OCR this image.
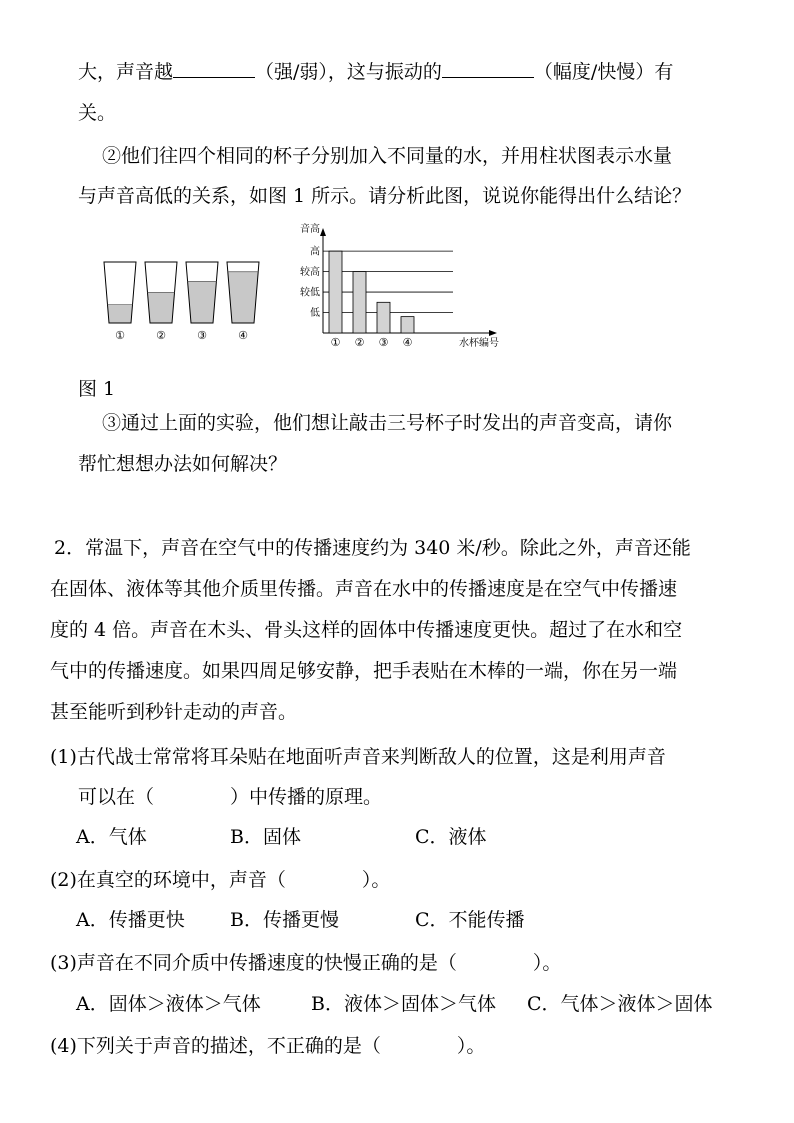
大，声音越	（强/弱），这与振动的	（幅度/快慢）有
关。
②他们往四个相同的杯子分别加入不同量的水，并用柱状图表示水量
与声音高低的关系，如图 1 所示。请分析此图，说说你能得出什么结论？
①	②	③	④
音高
低
较低
较高
高
① ② ③ ④	水杯编号
图 1
③通过上面的实验，他们想让敲击三号杯子时发出的声音变高，请你
帮忙想想办法如何解决？
2．常温下，声音在空气中的传播速度约为 340 米/秒。除此之外，声音还能
在固体、液体等其他介质里传播。声音在水中的传播速度是在空气中传播速
度的 4 倍。声音在木头、骨头这样的固体中传播速度更快。超过了在水和空
气中的传播速度。如果四周足够安静，把手表贴在木棒的一端，你在另一端
甚至能听到秒针走动的声音。
(1)古代战士常常将耳朵贴在地面听声音来判断敌人的位置，这是利用声音
可以在（　　　　）中传播的原理。
A．气体	B．固体	C．液体
(2)在真空的环境中，声音（　　　　）。
A．传播更快 B．传播更慢	C．不能传播
(3)声音在不同介质中传播速度的快慢正确的是（　　　　）。
A．固体＞液体＞气体	B．液体＞固体＞气体 C．气体＞液体＞固体
(4)下列关于声音的描述，不正确的是（　　　　）。
